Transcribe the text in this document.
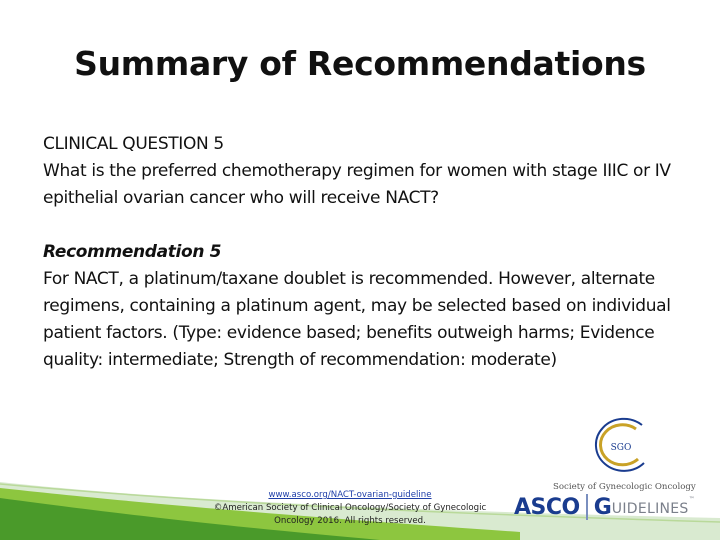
Summary of Recommendations

CLINICAL QUESTION 5

What is the preferred chemotherapy regimen for women with stage IIIC or IV epithelial ovarian cancer who will receive NACT?

Recommendation 5

For NACT, a platinum/taxane doublet is recommended. However, alternate regimens, containing a platinum agent, may be selected based on individual patient factors. (Type: evidence based; benefits outweigh harms; Evidence quality: intermediate; Strength of recommendation: moderate)

www.asco.org/NACT-ovarian-guideline
©American Society of Clinical Oncology/Society of Gynecologic
Oncology 2016. All rights reserved.
SGO
Society of Gynecologic Oncology
ASCO G UIDELINES
™
